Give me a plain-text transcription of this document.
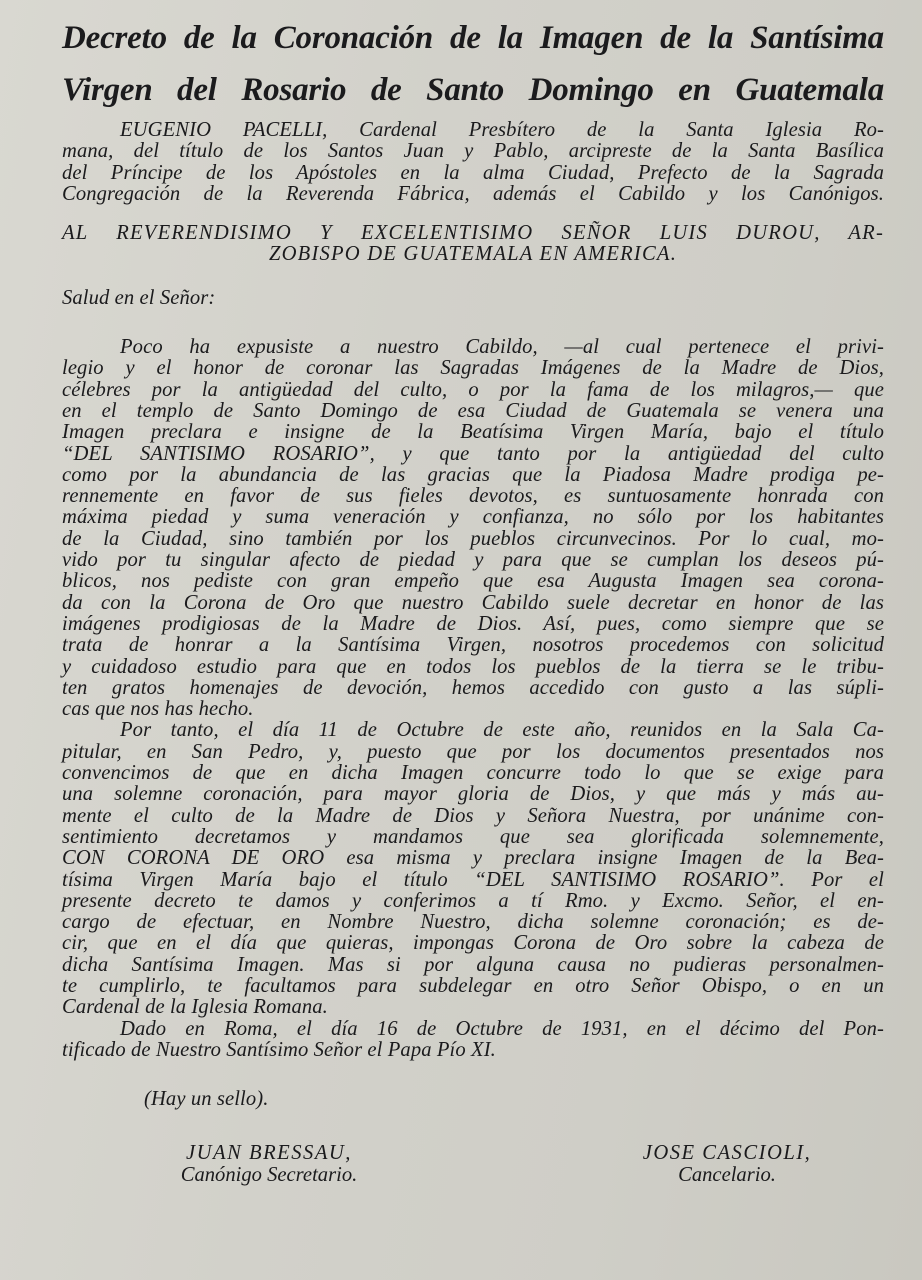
Decreto de la Coronación de la Imagen de la Santísima
Virgen del Rosario de Santo Domingo en Guatemala

EUGENIO PACELLI, Cardenal Presbítero de la Santa Iglesia Ro-
mana, del título de los Santos Juan y Pablo, arcipreste de la Santa Basílica
del Príncipe de los Apóstoles en la alma Ciudad, Prefecto de la Sagrada
Congregación de la Reverenda Fábrica, además el Cabildo y los Canónigos.

AL REVERENDISIMO Y EXCELENTISIMO SEÑOR LUIS DUROU, AR-
ZOBISPO DE GUATEMALA EN AMERICA.

Salud en el Señor:

Poco ha expusiste a nuestro Cabildo, —al cual pertenece el privi-
legio y el honor de coronar las Sagradas Imágenes de la Madre de Dios,
célebres por la antigüedad del culto, o por la fama de los milagros,— que
en el templo de Santo Domingo de esa Ciudad de Guatemala se venera una
Imagen preclara e insigne de la Beatísima Virgen María, bajo el título
“DEL SANTISIMO ROSARIO”, y que tanto por la antigüedad del culto
como por la abundancia de las gracias que la Piadosa Madre prodiga pe-
rennemente en favor de sus fieles devotos, es suntuosamente honrada con
máxima piedad y suma veneración y confianza, no sólo por los habitantes
de la Ciudad, sino también por los pueblos circunvecinos. Por lo cual, mo-
vido por tu singular afecto de piedad y para que se cumplan los deseos pú-
blicos, nos pediste con gran empeño que esa Augusta Imagen sea corona-
da con la Corona de Oro que nuestro Cabildo suele decretar en honor de las
imágenes prodigiosas de la Madre de Dios. Así, pues, como siempre que se
trata de honrar a la Santísima Virgen, nosotros procedemos con solicitud
y cuidadoso estudio para que en todos los pueblos de la tierra se le tribu-
ten gratos homenajes de devoción, hemos accedido con gusto a las súpli-
cas que nos has hecho.

Por tanto, el día 11 de Octubre de este año, reunidos en la Sala Ca-
pitular, en San Pedro, y, puesto que por los documentos presentados nos
convencimos de que en dicha Imagen concurre todo lo que se exige para
una solemne coronación, para mayor gloria de Dios, y que más y más au-
mente el culto de la Madre de Dios y Señora Nuestra, por unánime con-
sentimiento decretamos y mandamos que sea glorificada solemnemente,
CON CORONA DE ORO esa misma y preclara insigne Imagen de la Bea-
tísima Virgen María bajo el título “DEL SANTISIMO ROSARIO”. Por el
presente decreto te damos y conferimos a tí Rmo. y Excmo. Señor, el en-
cargo de efectuar, en Nombre Nuestro, dicha solemne coronación; es de-
cir, que en el día que quieras, impongas Corona de Oro sobre la cabeza de
dicha Santísima Imagen. Mas si por alguna causa no pudieras personalmen-
te cumplirlo, te facultamos para subdelegar en otro Señor Obispo, o en un
Cardenal de la Iglesia Romana.

Dado en Roma, el día 16 de Octubre de 1931, en el décimo del Pon-
tificado de Nuestro Santísimo Señor el Papa Pío XI.

(Hay un sello).

JUAN BRESSAU,
Canónigo Secretario.
JOSE CASCIOLI,
Cancelario.
